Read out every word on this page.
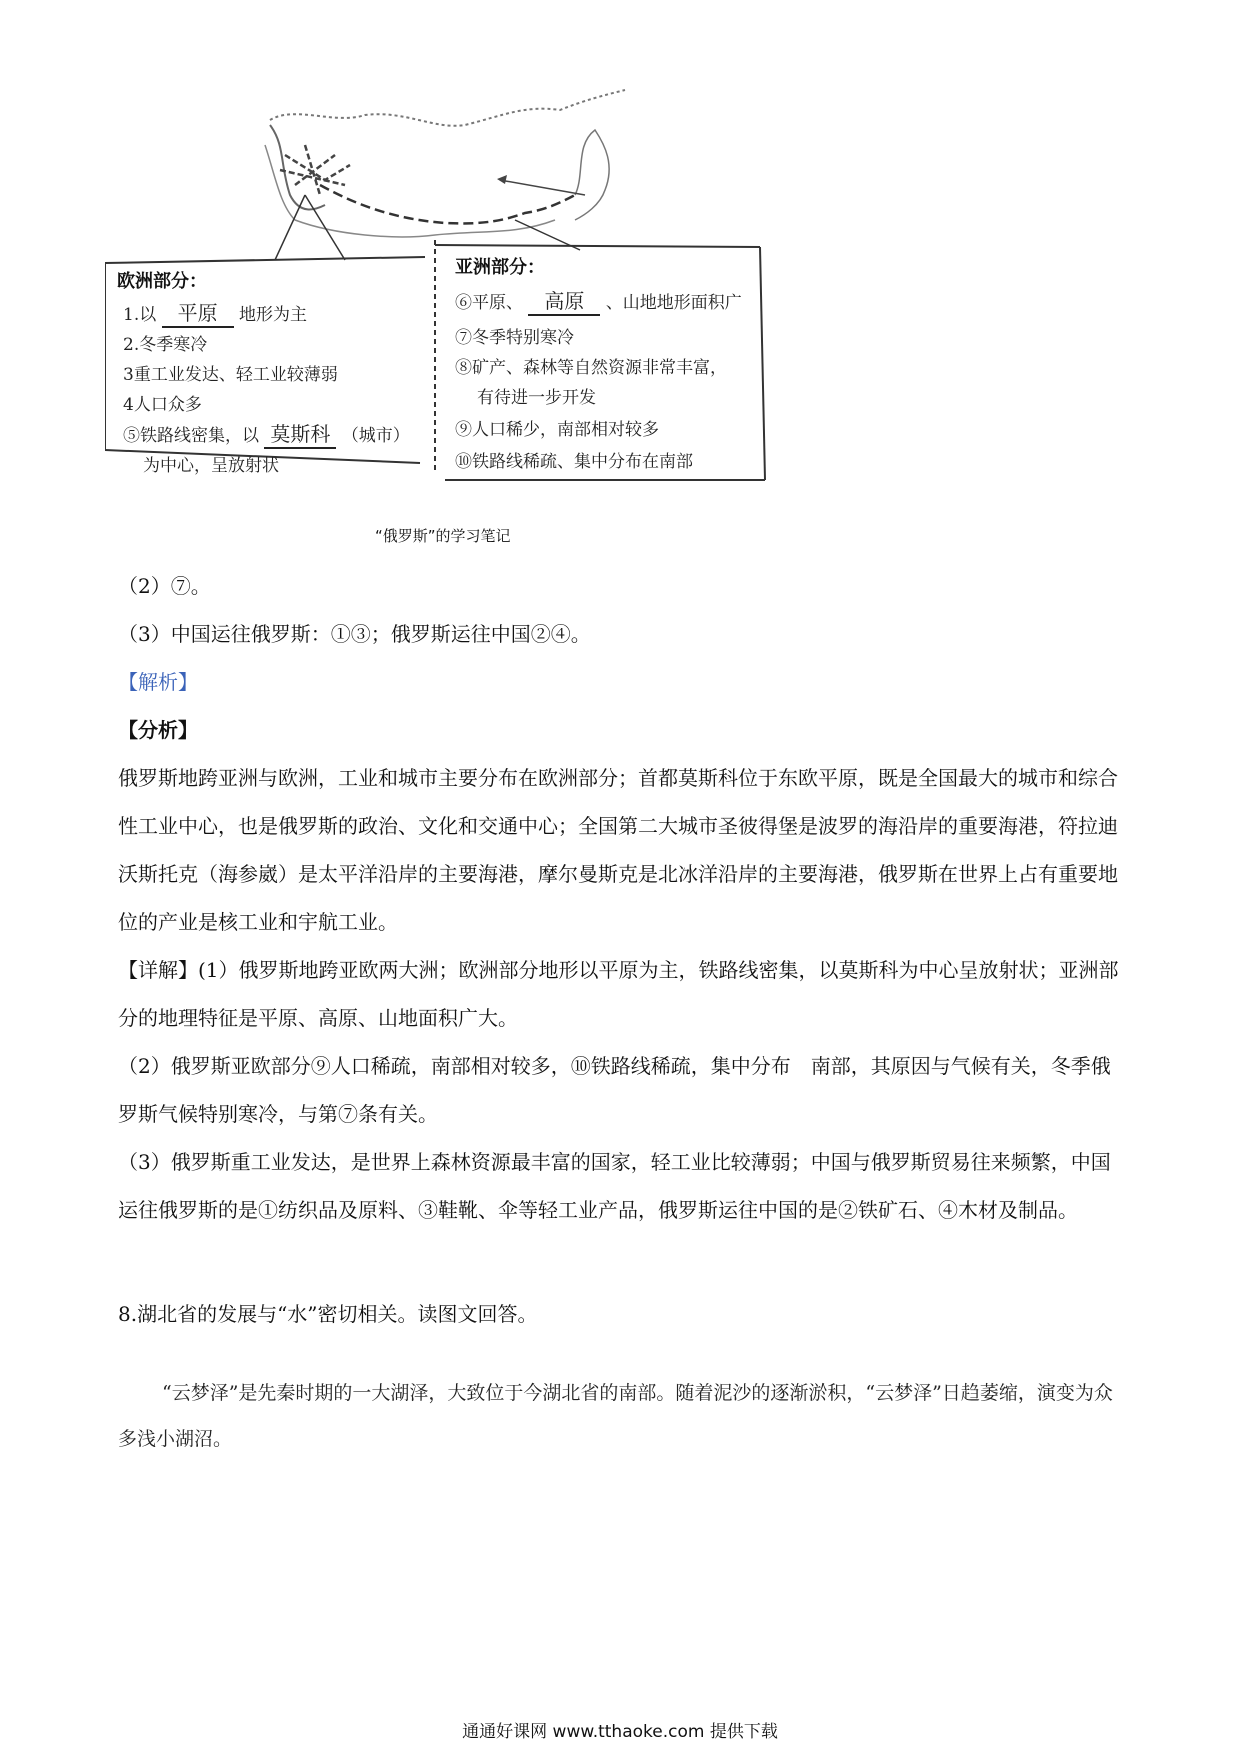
欧洲部分：
1.以 平原 地形为主
2.冬季寒冷
3重工业发达、轻工业较薄弱
4人口众多
⑤铁路线密集，以 莫斯科 （城市）
为中心，呈放射状
亚洲部分：
⑥平原、 高原 、山地地形面积广
⑦冬季特别寒冷
⑧矿产、森林等自然资源非常丰富，
有待进一步开发
⑨人口稀少，南部相对较多
⑩铁路线稀疏、集中分布在南部
“俄罗斯”的学习笔记
（2）⑦。
（3）中国运往俄罗斯：①③；俄罗斯运往中国②④。
【解析】
【分析】
俄罗斯地跨亚洲与欧洲，工业和城市主要分布在欧洲部分；首都莫斯科位于东欧平原，既是全国最大的城市和综合性工业中心，也是俄罗斯的政治、文化和交通中心；全国第二大城市圣彼得堡是波罗的海沿岸的重要海港，符拉迪沃斯托克（海参崴）是太平洋沿岸的主要海港，摩尔曼斯克是北冰洋沿岸的主要海港，俄罗斯在世界上占有重要地位的产业是核工业和宇航工业。
【详解】(1）俄罗斯地跨亚欧两大洲；欧洲部分地形以平原为主，铁路线密集，以莫斯科为中心呈放射状；亚洲部分的地理特征是平原、高原、山地面积广大。
（2）俄罗斯亚欧部分⑨人口稀疏，南部相对较多，⑩铁路线稀疏，集中分布　南部，其原因与气候有关，冬季俄罗斯气候特别寒冷，与第⑦条有关。
（3）俄罗斯重工业发达，是世界上森林资源最丰富的国家，轻工业比较薄弱；中国与俄罗斯贸易往来频繁，中国运往俄罗斯的是①纺织品及原料、③鞋靴、伞等轻工业产品，俄罗斯运往中国的是②铁矿石、④木材及制品。
8.湖北省的发展与“水”密切相关。读图文回答。
“云梦泽”是先秦时期的一大湖泽，大致位于今湖北省的南部。随着泥沙的逐渐淤积，“云梦泽”日趋萎缩，演变为众多浅小湖沼。
通通好课网 www.tthaoke.com 提供下载
